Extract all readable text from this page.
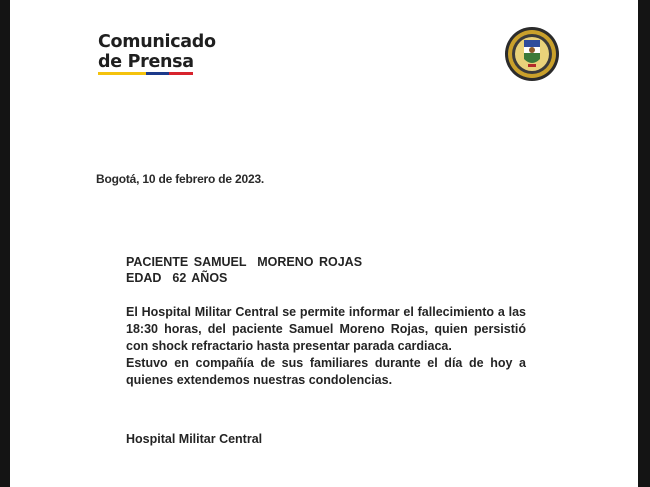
Comunicado
de Prensa
Bogotá, 10 de febrero de 2023.
PACIENTE SAMUEL  MORENO ROJAS
EDAD  62 AÑOS

El Hospital Militar Central se permite informar el fallecimiento a las 18:30 horas, del paciente Samuel Moreno Rojas, quien persistió con shock refractario hasta presentar parada cardiaca.

Estuvo en compañía de sus familiares durante el día de hoy a quienes extendemos nuestras condolencias.

Hospital Militar Central
